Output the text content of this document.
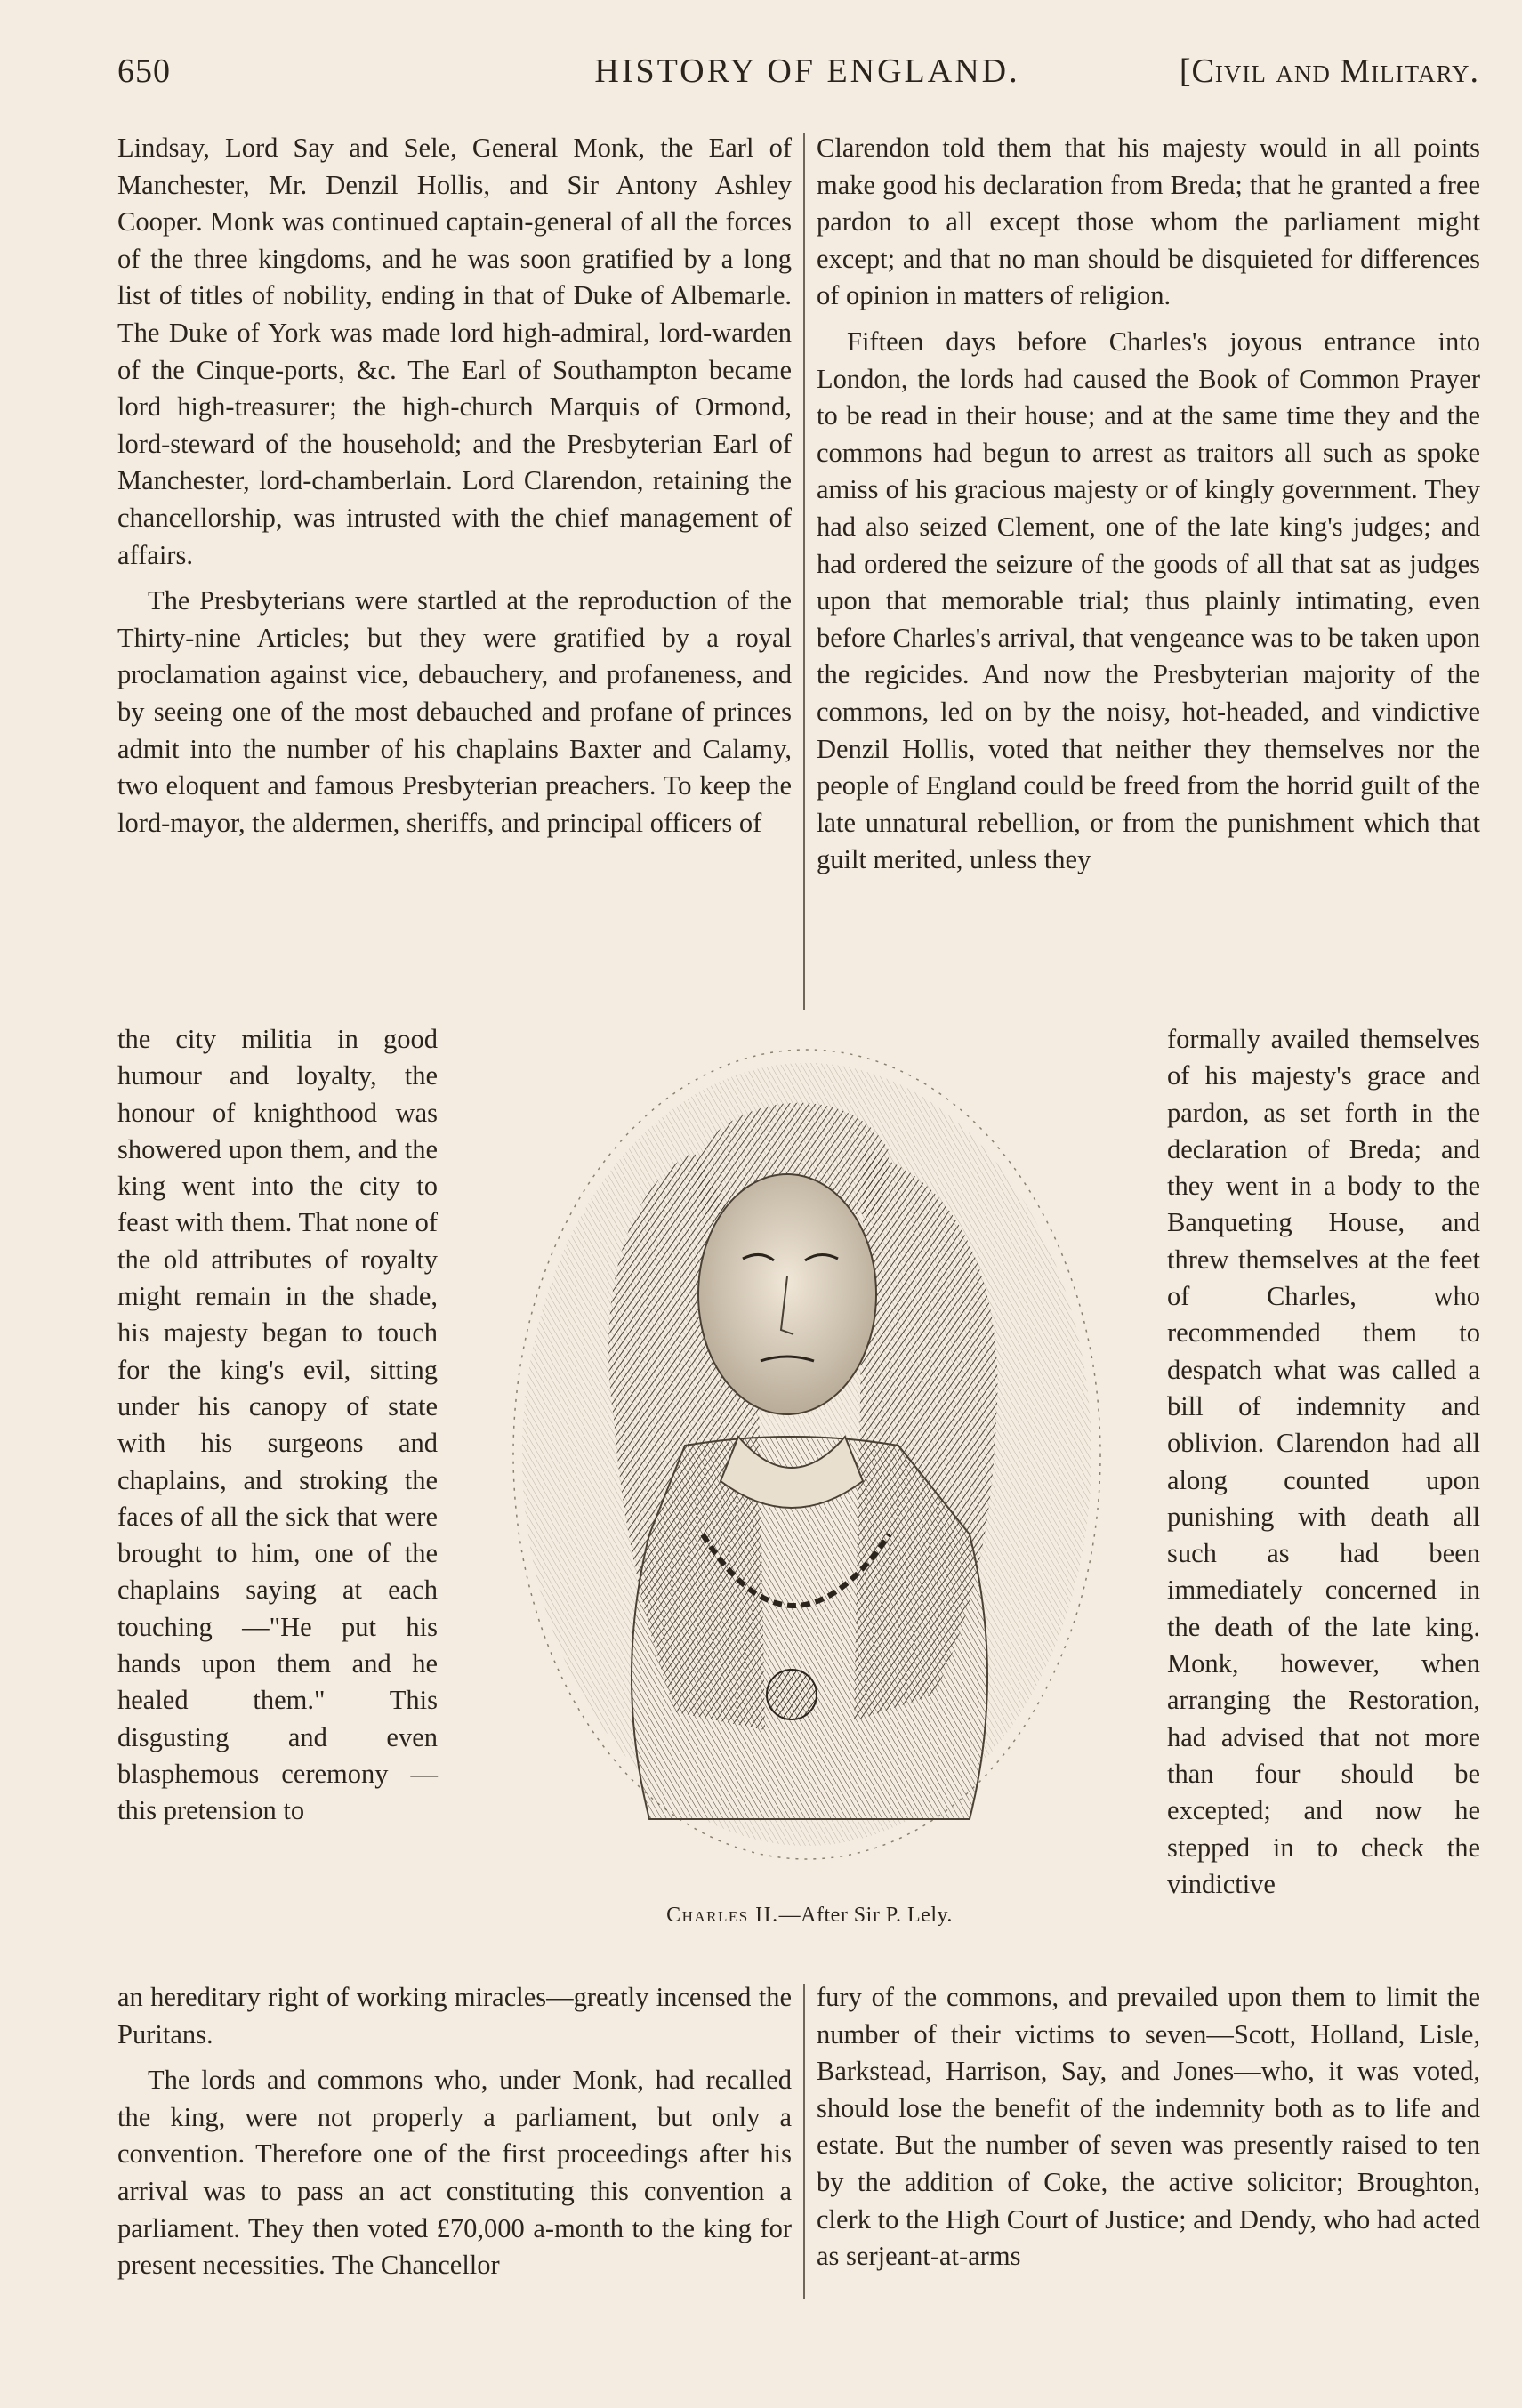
650	HISTORY OF ENGLAND.	[Civil and Military.

Lindsay, Lord Say and Sele, General Monk, the Earl of Manchester, Mr. Denzil Hollis, and Sir Antony Ashley Cooper. Monk was continued captain-general of all the forces of the three kingdoms, and he was soon gratified by a long list of titles of nobility, ending in that of Duke of Albemarle. The Duke of York was made lord high-admiral, lord-warden of the Cinque-ports, &c. The Earl of Southampton became lord high-treasurer; the high-church Marquis of Ormond, lord-steward of the household; and the Presbyterian Earl of Manchester, lord-chamberlain. Lord Clarendon, retaining the chancellorship, was intrusted with the chief management of affairs.

The Presbyterians were startled at the reproduction of the Thirty-nine Articles; but they were gratified by a royal proclamation against vice, debauchery, and profaneness, and by seeing one of the most debauched and profane of princes admit into the number of his chaplains Baxter and Calamy, two eloquent and famous Presbyterian preachers. To keep the lord-mayor, the aldermen, sheriffs, and principal officers of

Clarendon told them that his majesty would in all points make good his declaration from Breda; that he granted a free pardon to all except those whom the parliament might except; and that no man should be disquieted for differences of opinion in matters of religion.

Fifteen days before Charles's joyous entrance into London, the lords had caused the Book of Common Prayer to be read in their house; and at the same time they and the commons had begun to arrest as traitors all such as spoke amiss of his gracious majesty or of kingly government. They had also seized Clement, one of the late king's judges; and had ordered the seizure of the goods of all that sat as judges upon that memorable trial; thus plainly intimating, even before Charles's arrival, that vengeance was to be taken upon the regicides. And now the Presbyterian majority of the commons, led on by the noisy, hot-headed, and vindictive Denzil Hollis, voted that neither they themselves nor the people of England could be freed from the horrid guilt of the late unnatural rebellion, or from the punishment which that guilt merited, unless they

the city militia in good humour and loyalty, the honour of knighthood was showered upon them, and the king went into the city to feast with them. That none of the old attributes of royalty might remain in the shade, his majesty began to touch for the king's evil, sitting under his canopy of state with his surgeons and chaplains, and stroking the faces of all the sick that were brought to him, one of the chaplains saying at each touching —"He put his hands upon them and he healed them." This disgusting and even blasphemous ceremony — this pretension to
formally availed themselves of his majesty's grace and pardon, as set forth in the declaration of Breda; and they went in a body to the Banqueting House, and threw themselves at the feet of Charles, who recommended them to despatch what was called a bill of indemnity and oblivion. Clarendon had all along counted upon punishing with death all such as had been immediately concerned in the death of the late king. Monk, however, when arranging the Restoration, had advised that not more than four should be excepted; and now he stepped in to check the vindictive
Charles II.—After Sir P. Lely.

an hereditary right of working miracles—greatly incensed the Puritans.

The lords and commons who, under Monk, had recalled the king, were not properly a parliament, but only a convention. Therefore one of the first proceedings after his arrival was to pass an act constituting this convention a parliament. They then voted £70,000 a-month to the king for present necessities. The Chancellor

fury of the commons, and prevailed upon them to limit the number of their victims to seven—Scott, Holland, Lisle, Barkstead, Harrison, Say, and Jones—who, it was voted, should lose the benefit of the indemnity both as to life and estate. But the number of seven was presently raised to ten by the addition of Coke, the active solicitor; Broughton, clerk to the High Court of Justice; and Dendy, who had acted as serjeant-at-arms
